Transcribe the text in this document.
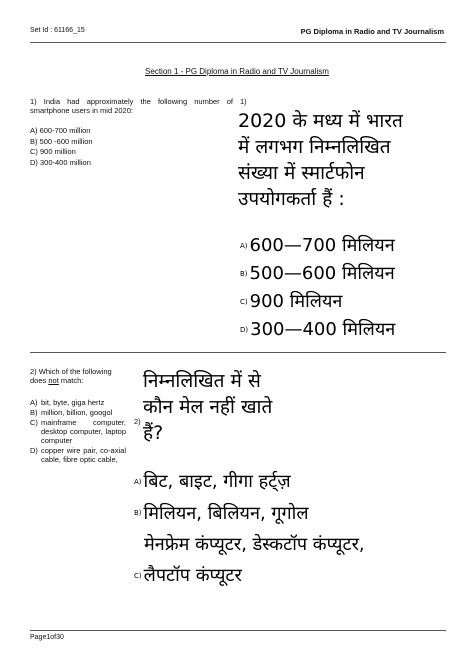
Set Id : 61166_15	PG Diploma in Radio and TV Journalism
Section 1 - PG Diploma in Radio and TV Journalism
1) India had approximately the following number of smartphone users in mid 2020:
1)
A) 600-700 million
B) 500 -600 million
C) 900 million
D) 300-400 million
2020 के मध्य में भारत
में लगभग निम्नलिखित
संख्या में स्मार्टफोन
उपयोगकर्ता हैं :
A) 600—700 मिलियन
B) 500—600 मिलियन
C) 900 मिलियन
D) 300—400 मिलियन
2) Which of the following does not match:
A) bit, byte, giga hertz
B) million, billion, googol
C) mainframe computer, desktop computer, laptop computer
D) copper wire pair, co-axial cable, fibre optic cable,
निम्नलिखित में से
कौन मेल नहीं खाते
हैं?
2)
A) बिट, बाइट, गीगा हर्ट्ज़
B) मिलियन, बिलियन, गूगोल
मेनफ्रेम कंप्यूटर, डेस्कटॉप कंप्यूटर,
C) लैपटॉप कंप्यूटर
Page1of30
